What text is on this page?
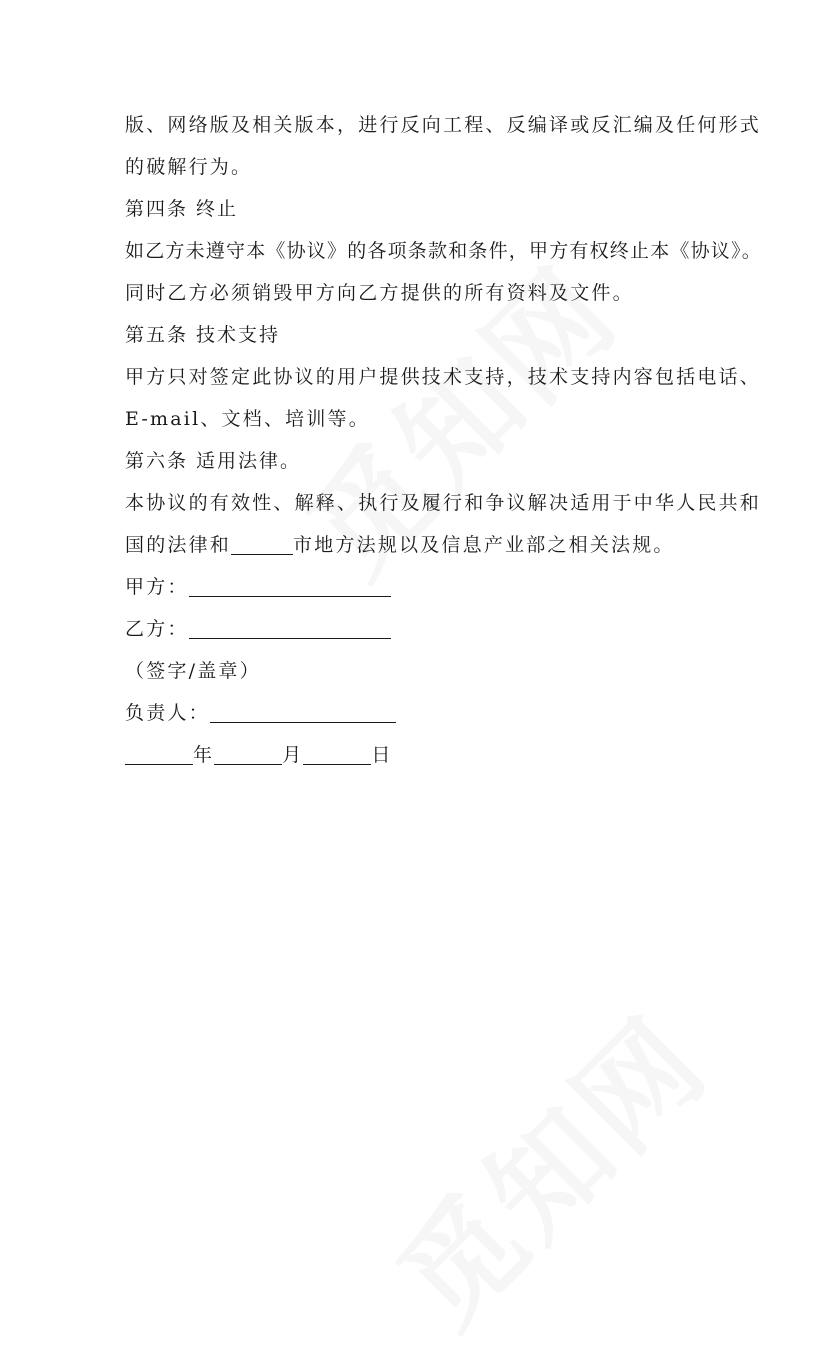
版、网络版及相关版本，进行反向工程、反编译或反汇编及任何形式
的破解行为。
第四条 终止
如乙方未遵守本《协议》的各项条款和条件，甲方有权终止本《协议》。
同时乙方必须销毁甲方向乙方提供的所有资料及文件。
第五条 技术支持
甲方只对签定此协议的用户提供技术支持，技术支持内容包括电话、
E-mail、文档、培训等。
第六条 适用法律。
本协议的有效性、解释、执行及履行和争议解决适用于中华人民共和
国的法律和	市地方法规以及信息产业部之相关法规。
甲方：
乙方：
（签字/盖章）
负责人：
年	月	日
